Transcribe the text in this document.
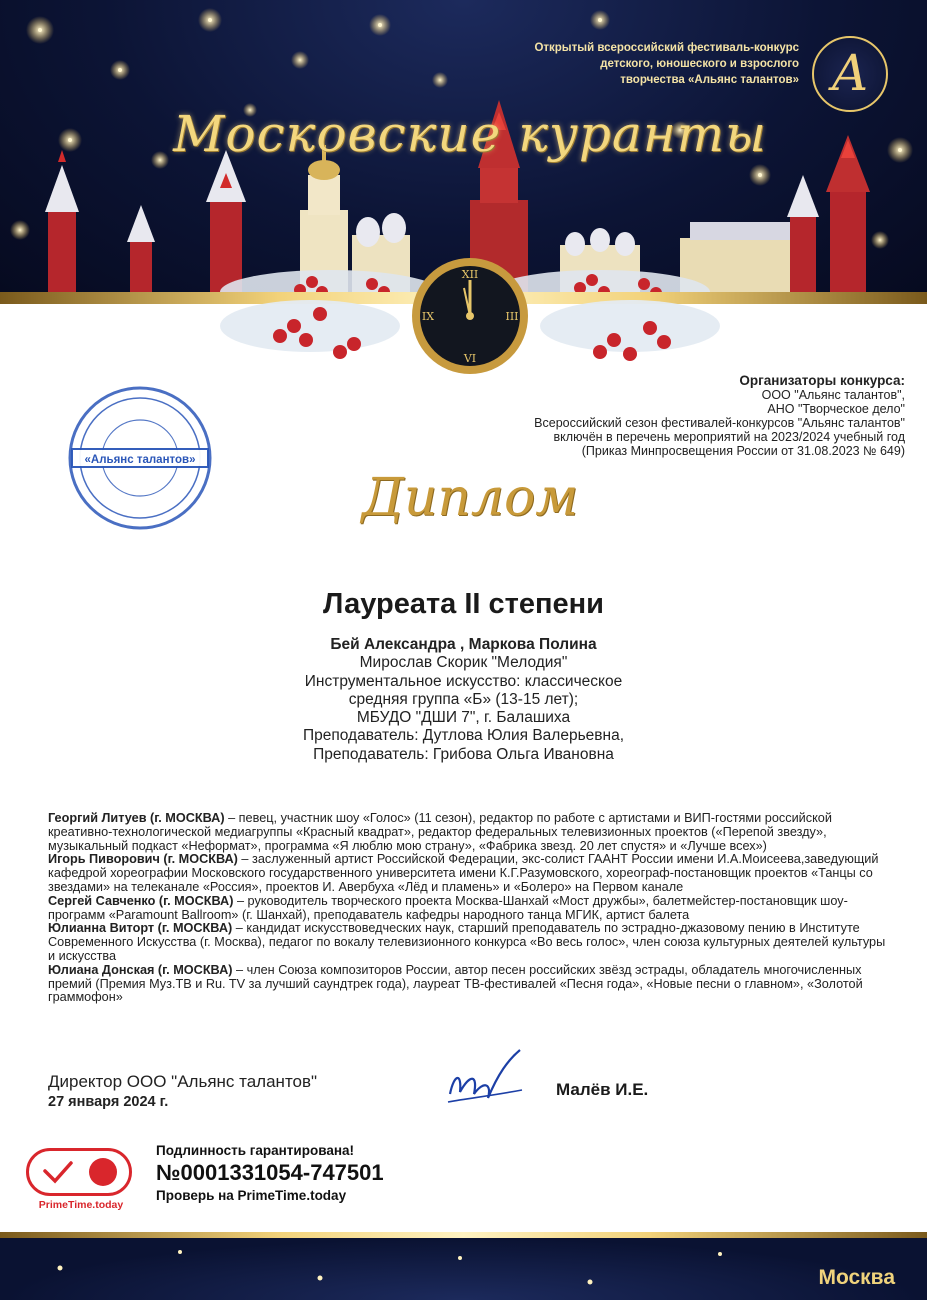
Открытый всероссийский фестиваль-конкурс
детского, юношеского и взрослого
творчества «Альянс талантов» A
Московские куранты
XII
VI
IX	III
Организаторы конкурса:
ООО "Альянс талантов",
АНО "Творческое дело"
Всероссийский сезон фестивалей-конкурсов "Альянс талантов"
включён в перечень мероприятий на 2023/2024 учебный год
(Приказ Минпросвещения России от 31.08.2023 № 649)
«Альянс талантов»
Диплом
Лауреата II степени
Бей Александра , Маркова Полина
Мирослав Скорик "Мелодия"
Инструментальное искусство: классическое
средняя группа «Б» (13-15 лет);
МБУДО "ДШИ 7", г. Балашиха
Преподаватель: Дутлова Юлия Валерьевна,
Преподаватель: Грибова Ольга Ивановна
Георгий Литуев (г. МОСКВА) – певец, участник шоу «Голос» (11 сезон), редактор по работе с артистами и ВИП-гостями российской креативно-технологической медиагруппы «Красный квадрат», редактор федеральных телевизионных проектов («Перепой звезду», музыкальный подкаст «Неформат», программа «Я люблю мою страну», «Фабрика звезд. 20 лет спустя» и «Лучше всех»)
Игорь Пиворович (г. МОСКВА) – заслуженный артист Российской Федерации, экс-солист ГААНТ России имени И.А.Моисеева,заведующий кафедрой хореографии Московского государственного университета имени К.Г.Разумовского, хореограф-постановщик проектов «Танцы со звездами» на телеканале «Россия», проектов И. Авербуха «Лёд и пламень» и «Болеро» на Первом канале
Сергей Савченко (г. МОСКВА) – руководитель творческого проекта Москва-Шанхай «Мост дружбы», балетмейстер-постановщик шоу-программ «Paramount Ballroom» (г. Шанхай), преподаватель кафедры народного танца МГИК, артист балета
Юлианна Виторт (г. МОСКВА) – кандидат искусствоведческих наук, старший преподаватель по эстрадно-джазовому пению в Институте Современного Искусства (г. Москва), педагог по вокалу телевизионного конкурса «Во весь голос», член союза культурных деятелей культуры и искусства
Юлиана Донская (г. МОСКВА) – член Союза композиторов России, автор песен российских звёзд эстрады, обладатель многочисленных премий (Премия Муз.ТВ и Ru. TV за лучший саундтрек года), лауреат ТВ-фестивалей «Песня года», «Новые песни о главном», «Золотой граммофон»
Директор ООО "Альянс талантов"
27 января 2024 г.
Малёв И.Е.
PrimeTime.today
Подлинность гарантирована!
№0001331054-747501
Проверь на PrimeTime.today
Москва
